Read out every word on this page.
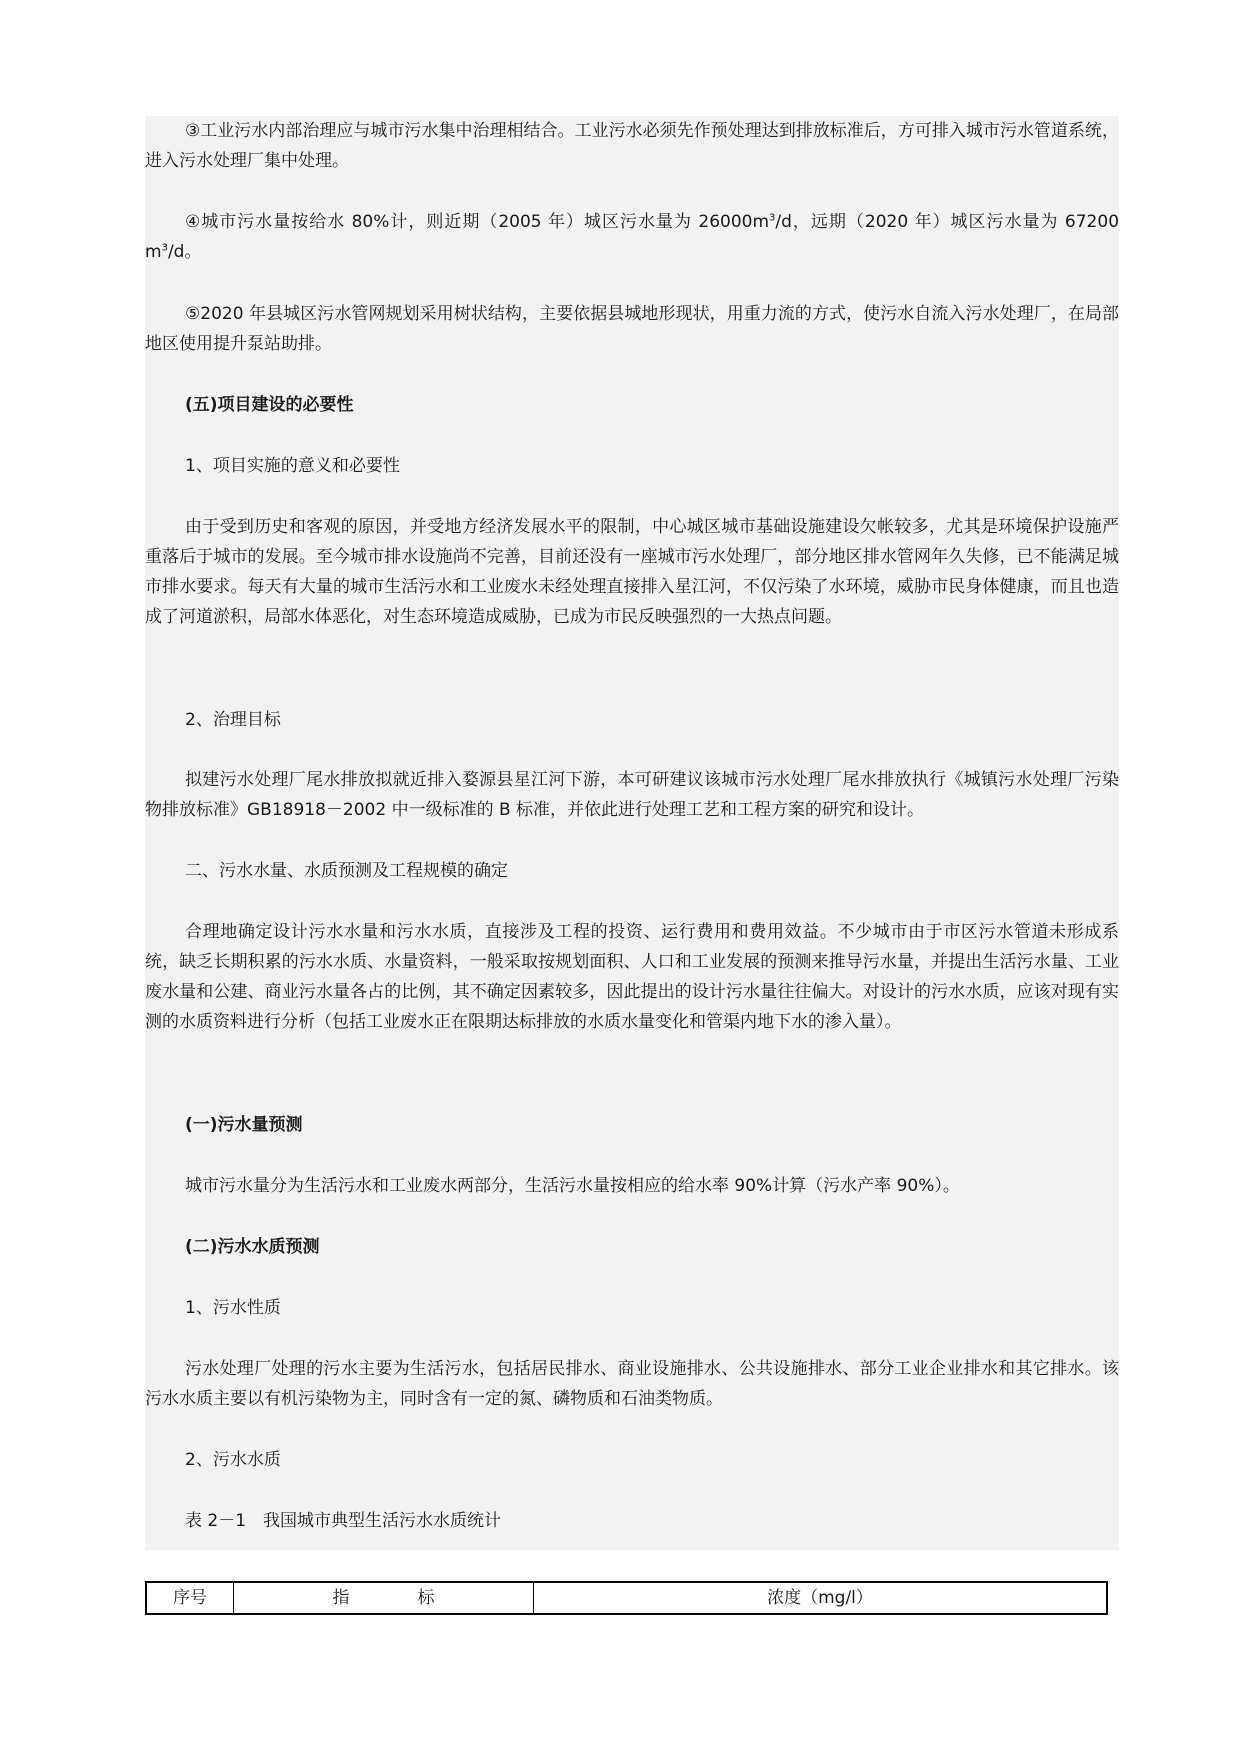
③工业污水内部治理应与城市污水集中治理相结合。工业污水必须先作预处理达到排放标准后，方可排入城市污水管道系统，进入污水处理厂集中处理。

④城市污水量按给水 80%计，则近期（2005 年）城区污水量为 $26000m^3/d$，远期（2020 年）城区污水量为 67200 $m^3/d$。

⑤2020 年县城区污水管网规划采用树状结构，主要依据县城地形现状，用重力流的方式，使污水自流入污水处理厂，在局部地区使用提升泵站助排。

(五)项目建设的必要性

1、项目实施的意义和必要性

由于受到历史和客观的原因，并受地方经济发展水平的限制，中心城区城市基础设施建设欠帐较多，尤其是环境保护设施严重落后于城市的发展。至今城市排水设施尚不完善，目前还没有一座城市污水处理厂，部分地区排水管网年久失修，已不能满足城市排水要求。每天有大量的城市生活污水和工业废水未经处理直接排入星江河，不仅污染了水环境，威胁市民身体健康，而且也造成了河道淤积，局部水体恶化，对生态环境造成威胁，已成为市民反映强烈的一大热点问题。

2、治理目标

拟建污水处理厂尾水排放拟就近排入婺源县星江河下游，本可研建议该城市污水处理厂尾水排放执行《城镇污水处理厂污染物排放标准》GB18918－2002 中一级标准的 B 标准，并依此进行处理工艺和工程方案的研究和设计。

二、污水水量、水质预测及工程规模的确定

合理地确定设计污水水量和污水水质，直接涉及工程的投资、运行费用和费用效益。不少城市由于市区污水管道未形成系统，缺乏长期积累的污水水质、水量资料，一般采取按规划面积、人口和工业发展的预测来推导污水量，并提出生活污水量、工业废水量和公建、商业污水量各占的比例，其不确定因素较多，因此提出的设计污水量往往偏大。对设计的污水水质，应该对现有实测的水质资料进行分析（包括工业废水正在限期达标排放的水质水量变化和管渠内地下水的渗入量）。

(一)污水量预测

城市污水量分为生活污水和工业废水两部分，生活污水量按相应的给水率 90%计算（污水产率 90%）。

(二)污水水质预测

1、污水性质

污水处理厂处理的污水主要为生活污水，包括居民排水、商业设施排水、公共设施排水、部分工业企业排水和其它排水。该污水水质主要以有机污染物为主，同时含有一定的氮、磷物质和石油类物质。

2、污水水质

表 2－1　我国城市典型生活污水水质统计

序号	指　　　　标	浓度（mg/l）
